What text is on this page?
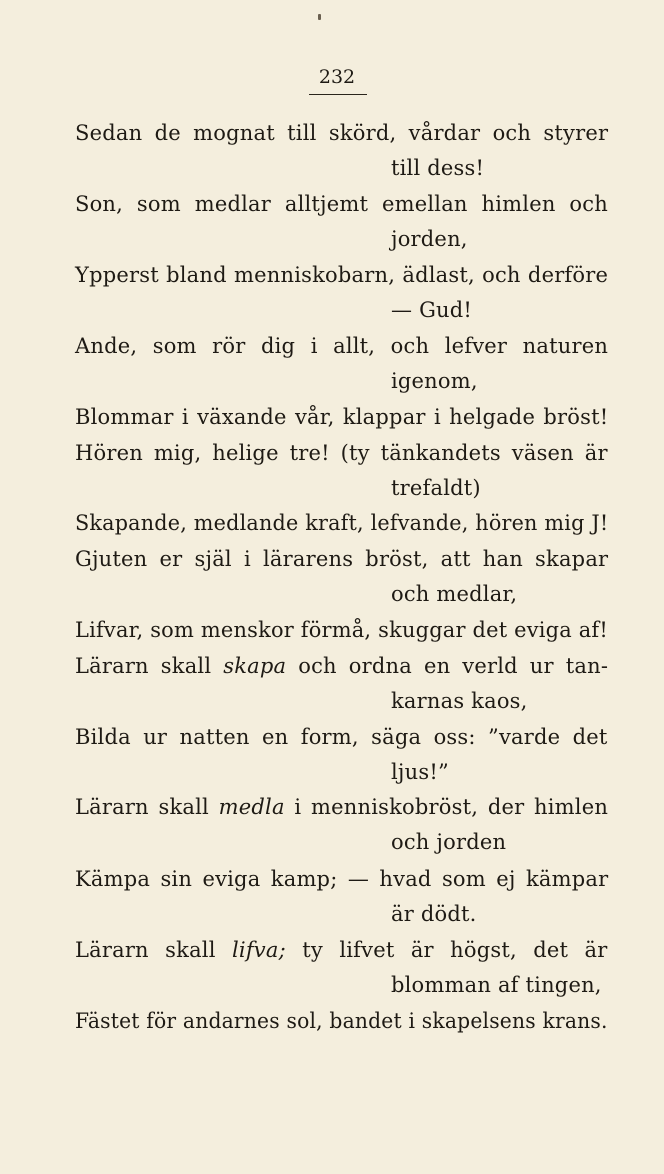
232
Sedan de mognat till skörd, vårdar och styrer
till dess!
Son, som medlar alltjemt emellan himlen och
jorden,
Ypperst bland menniskobarn, ädlast, och derföre
— Gud!
Ande, som rör dig i allt, och lefver naturen
igenom,
Blommar i växande vår, klappar i helgade bröst!
Hören mig, helige tre! (ty tänkandets väsen är
trefaldt)
Skapande, medlande kraft, lefvande, hören mig J!
Gjuten er själ i lärarens bröst, att han skapar
och medlar,
Lifvar, som menskor förmå, skuggar det eviga af!
Lärarn skall skapa och ordna en verld ur tan-
karnas kaos,
Bilda ur natten en form, säga oss: ”varde det
ljus!”
Lärarn skall medla i menniskobröst, der himlen
och jorden
Kämpa sin eviga kamp; — hvad som ej kämpar
är dödt.
Lärarn skall lifva; ty lifvet är högst, det är
blomman af tingen,
Fästet för andarnes sol, bandet i skapelsens krans.
